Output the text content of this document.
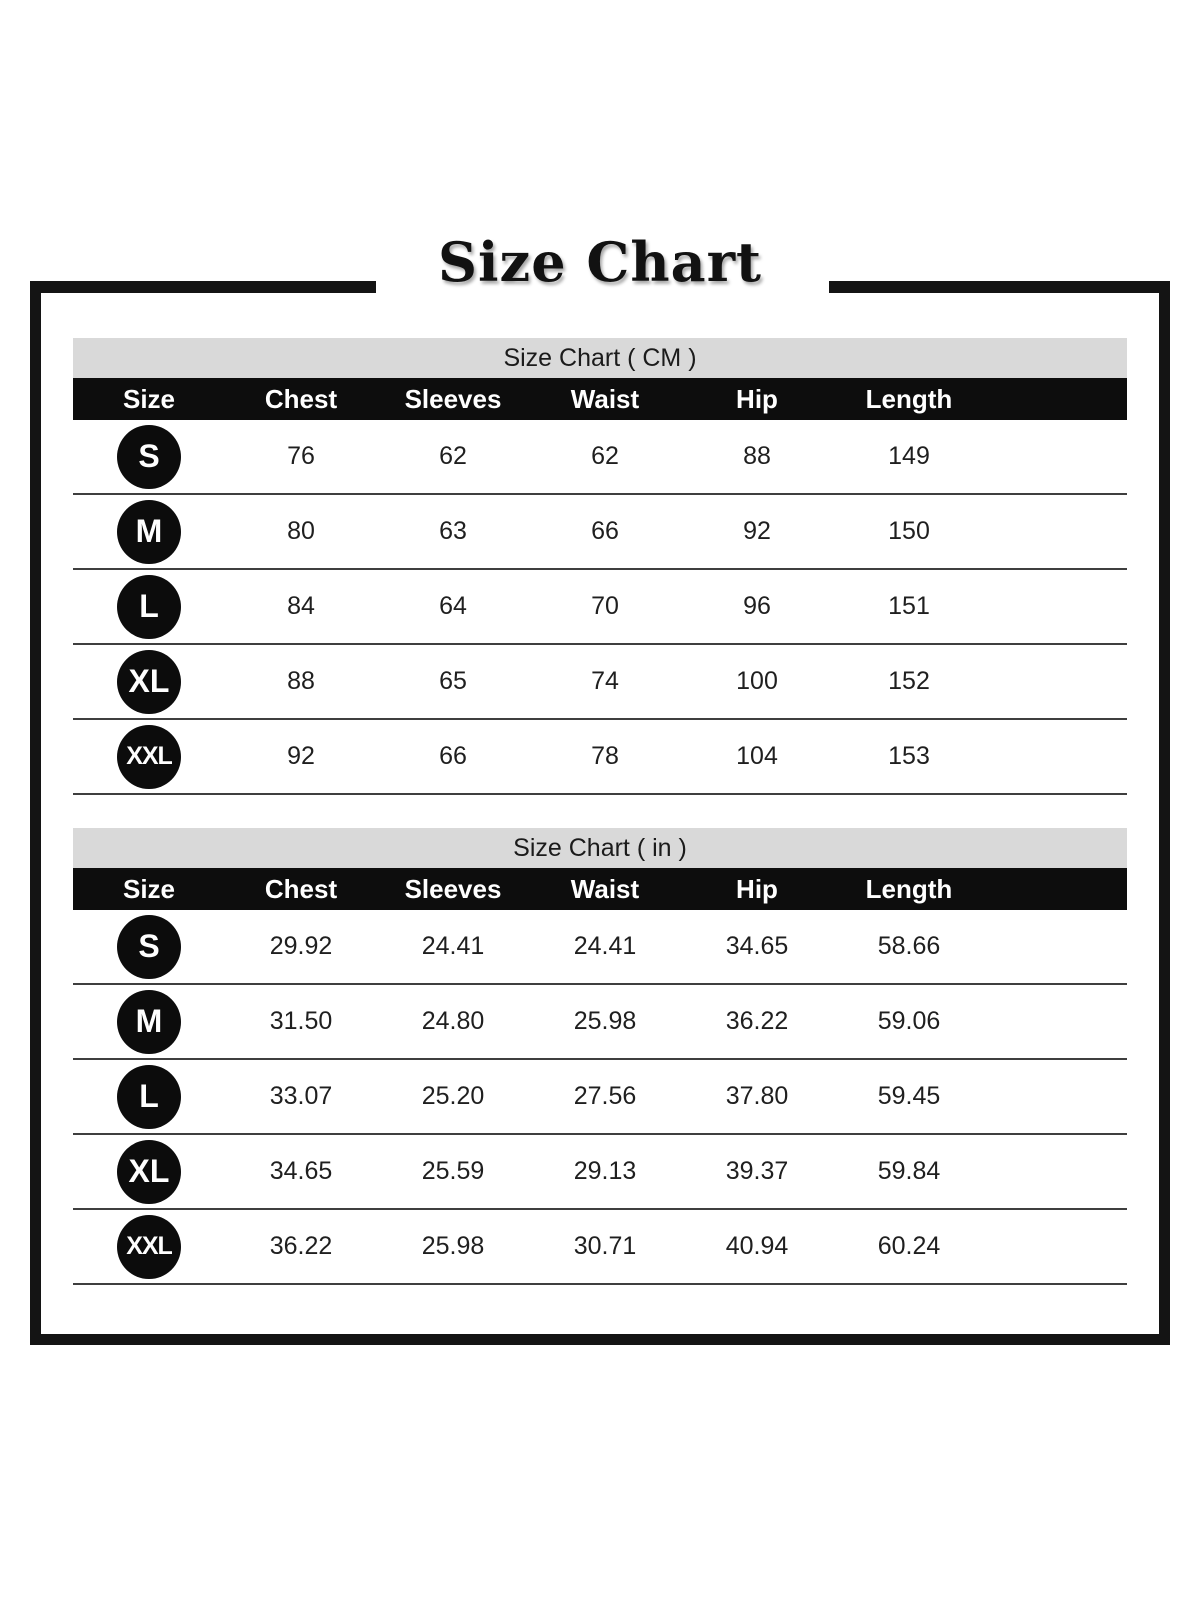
Size Chart
Size Chart ( CM )
Size	Chest	Sleeves	Waist	Hip	Length
S	76	62	62	88	149
M	80	63	66	92	150
L	84	64	70	96	151
XL	88	65	74	100	152
XXL	92	66	78	104	153
Size Chart ( in )
Size	Chest	Sleeves	Waist	Hip	Length
S	29.92	24.41	24.41	34.65	58.66
M	31.50	24.80	25.98	36.22	59.06
L	33.07	25.20	27.56	37.80	59.45
XL	34.65	25.59	29.13	39.37	59.84
XXL	36.22	25.98	30.71	40.94	60.24
